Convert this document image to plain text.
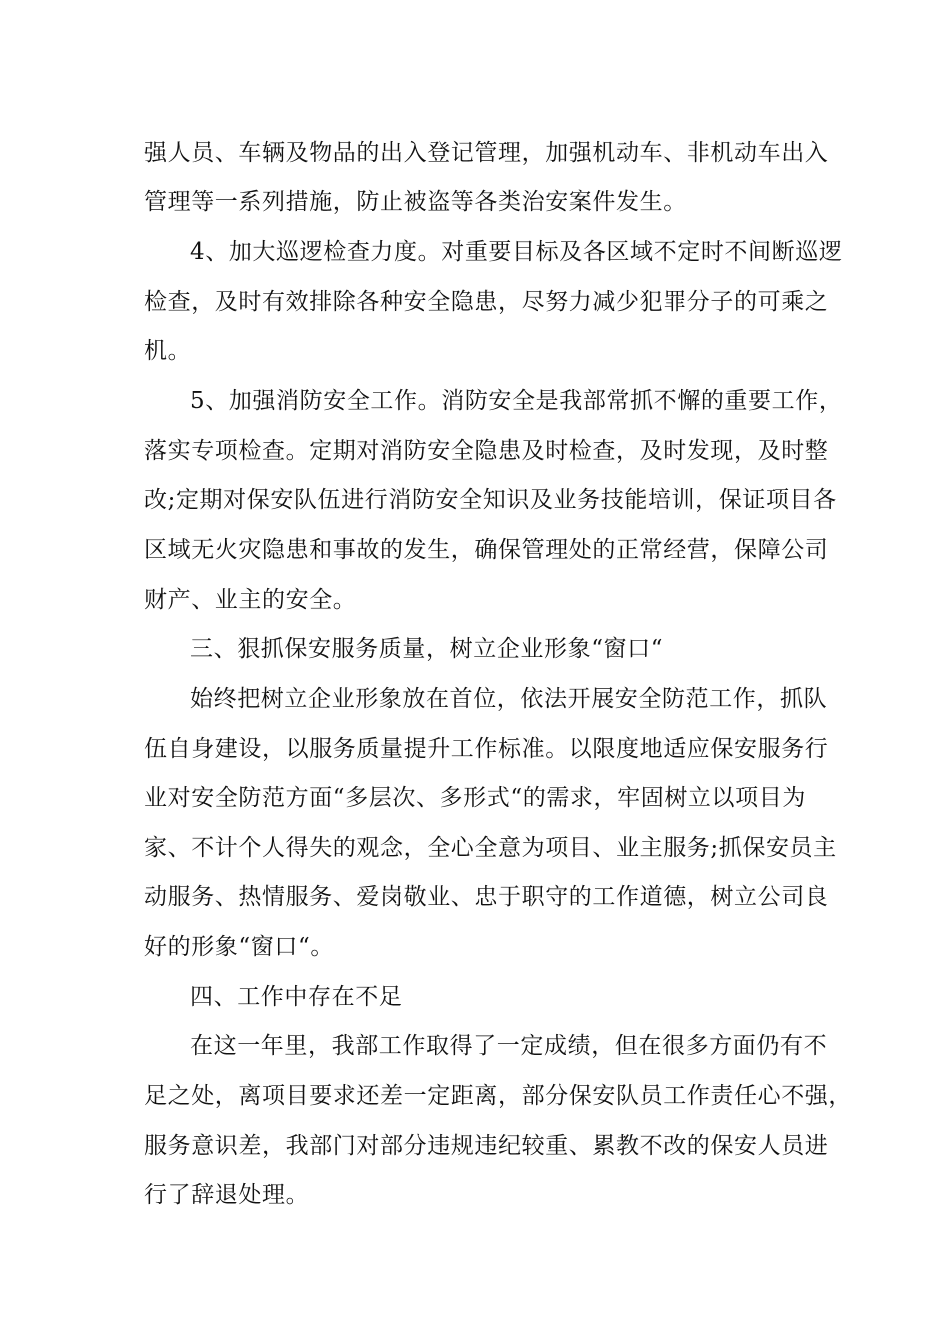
强人员、车辆及物品的出入登记管理，加强机动车、非机动车出入
管理等一系列措施，防止被盗等各类治安案件发生。
4、加大巡逻检查力度。对重要目标及各区域不定时不间断巡逻
检查，及时有效排除各种安全隐患，尽努力减少犯罪分子的可乘之
机。
5、加强消防安全工作。消防安全是我部常抓不懈的重要工作，
落实专项检查。定期对消防安全隐患及时检查，及时发现，及时整
改;定期对保安队伍进行消防安全知识及业务技能培训，保证项目各
区域无火灾隐患和事故的发生，确保管理处的正常经营，保障公司
财产、业主的安全。
三、狠抓保安服务质量，树立企业形象“窗口“
始终把树立企业形象放在首位，依法开展安全防范工作，抓队
伍自身建设，以服务质量提升工作标准。以限度地适应保安服务行
业对安全防范方面“多层次、多形式“的需求，牢固树立以项目为
家、不计个人得失的观念，全心全意为项目、业主服务;抓保安员主
动服务、热情服务、爱岗敬业、忠于职守的工作道德，树立公司良
好的形象“窗口“。
四、工作中存在不足
在这一年里，我部工作取得了一定成绩，但在很多方面仍有不
足之处，离项目要求还差一定距离，部分保安队员工作责任心不强，
服务意识差，我部门对部分违规违纪较重、累教不改的保安人员进
行了辞退处理。
